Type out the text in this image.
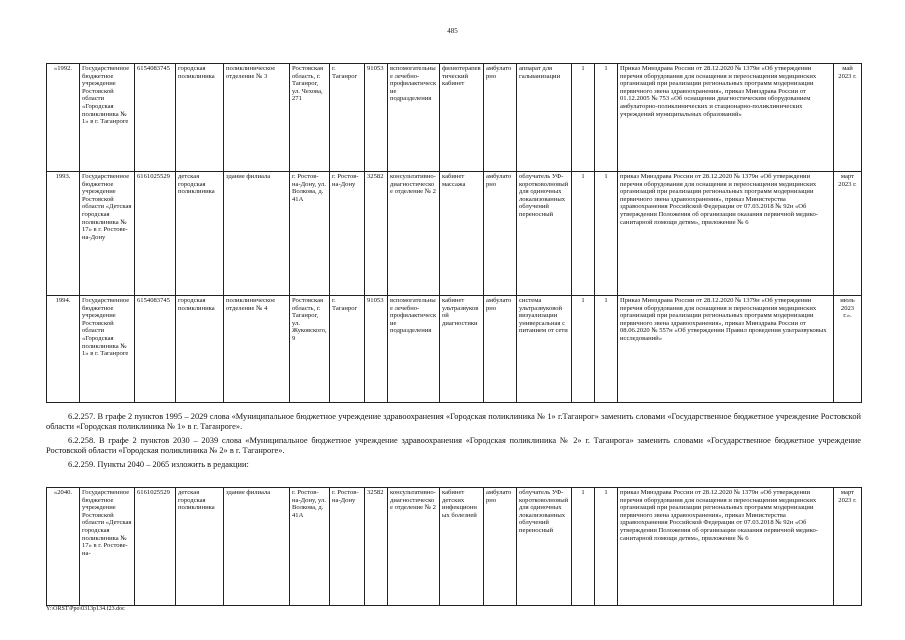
485
«1992.	Государственное бюджетное учреждение Ростовской области «Городская поликлиника № 1» в г. Таганроге	6154083745	городская поликлиника	поликлиническое отделение № 3	Ростовская область, г. Таганрог, ул. Чехова, 271	г. Таганрог	91053	вспомогательные лечебно-профилактические подразделения	физиотерапевтический кабинет	амбулаторно	аппарат для гальванизации	1	1	Приказ Минздрава России от 28.12.2020 № 1379н «Об утверждении перечня оборудования для оснащения и переоснащения медицинских организаций при реализации региональных программ модернизации первичного звена здравоохранения», приказ Минздрава России от 01.12.2005 № 753 «Об оснащении диагностическим оборудованием амбулаторно-поликлинических и стационарно-поликлинических учреждений муниципальных образований»	май 2023 г.
1993.	Государственное бюджетное учреждение Ростовской области «Детская городская поликлиника № 17» в г. Ростове-на-Дону	6161025529	детская городская поликлиника	здание филиала	г. Ростов-на-Дону, ул. Волкова, д. 41А	г. Ростов-на-Дону	32582	консультативно-диагностическое отделение № 2	кабинет массажа	амбулаторно	облучатель УФ-коротковолновый для одиночных локализованных облучений переносный	1	1	приказ Минздрава России от 28.12.2020 № 1379н «Об утверждении перечня оборудования для оснащения и переоснащения медицинских организаций при реализации региональных программ модернизации первичного звена здравоохранения», приказ Министерства здравоохранения Российской Федерации от 07.03.2018 № 92н «Об утверждении Положения об организации оказания первичной медико-санитарной помощи детям», приложение № 6	март 2023 г.
1994.	Государственное бюджетное учреждение Ростовской области «Городская поликлиника № 1» в г. Таганроге	6154083745	городская поликлиника	поликлиническое отделение № 4	Ростовская область, г. Таганрог, ул. Жуковского, 9	г. Таганрог	91053	вспомогательные лечебно-профилактические подразделения	кабинет ультразвуковой диагностики	амбулаторно	система ультразвуковой визуализации универсальная с питанием от сети	1	1	Приказ Минздрава России от 28.12.2020 № 1379н «Об утверждении перечня оборудования для оснащения и переоснащения медицинских организаций при реализации региональных программ модернизации первичного звена здравоохранения», приказ Минздрава России от 08.06.2020 № 557н «Об утверждении Правил проведения ультразвуковых исследований»	июль 2023 г.».
6.2.257. В графе 2 пунктов 1995 – 2029 слова «Муниципальное бюджетное учреждение здравоохранения «Городская поликлиника № 1» г.Таганрог» заменить словами «Государственное бюджетное учреждение Ростовской области «Городская поликлиника № 1» в г. Таганроге».
6.2.258. В графе 2 пунктов 2030 – 2039 слова «Муниципальное бюджетное учреждение здравоохранения «Городская поликлиника № 2» г. Таганрога» заменить словами «Государственное бюджетное учреждение Ростовской области «Городская поликлиника № 2» в г. Таганроге».
6.2.259. Пункты 2040 – 2065 изложить в редакции:
«2040.	Государственное бюджетное учреждение Ростовской области «Детская городская поликлиника № 17» в г. Ростове-на-	6161025529	детская городская поликлиника	здание филиала	г. Ростов-на-Дону, ул. Волкова, д. 41А	г. Ростов-на-Дону	32582	консультативно-диагностическое отделение № 2	кабинет детских инфекционных болезней	амбулаторно	облучатель УФ-коротковолновый для одиночных локализованных облучений переносный	1	1	приказ Минздрава России от 28.12.2020 № 1379н «Об утверждении перечня оборудования для оснащения и переоснащения медицинских организаций при реализации региональных программ модернизации первичного звена здравоохранения», приказ Министерства здравоохранения Российской Федерации от 07.03.2018 № 92н «Об утверждении Положения об организации оказания первичной медико-санитарной помощи детям», приложение № 6	март 2023 г.
Y:\ORST\Ppo\0313p134.f23.doc
